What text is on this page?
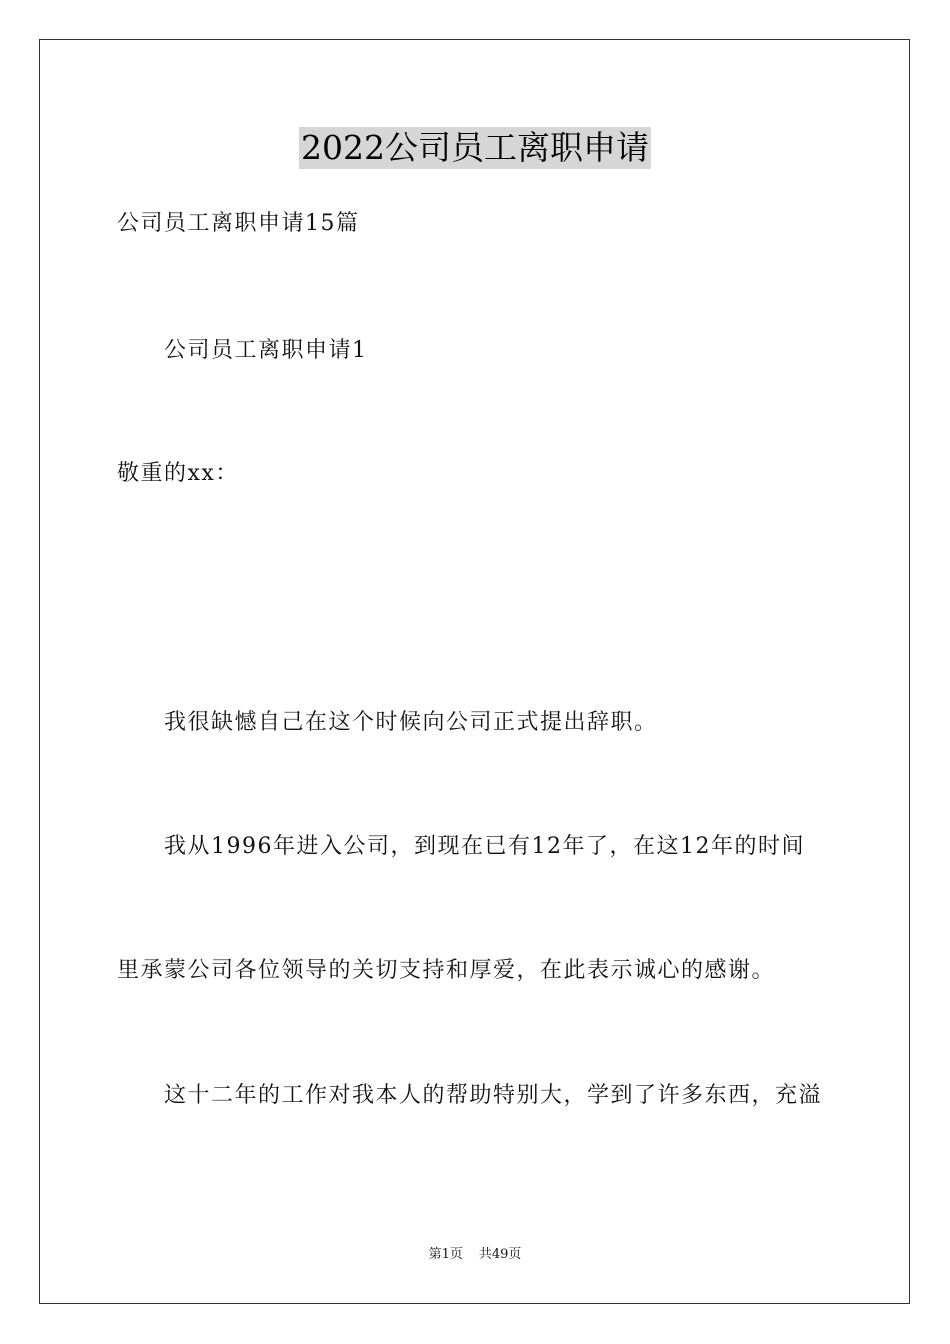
2022公司员工离职申请
公司员工离职申请15篇
公司员工离职申请1
敬重的xx：
我很缺憾自己在这个时候向公司正式提出辞职。
我从1996年进入公司，到现在已有12年了，在这12年的时间
里承蒙公司各位领导的关切支持和厚爱，在此表示诚心的感谢。
这十二年的工作对我本人的帮助特别大，学到了许多东西，充溢
第1页 共49页
